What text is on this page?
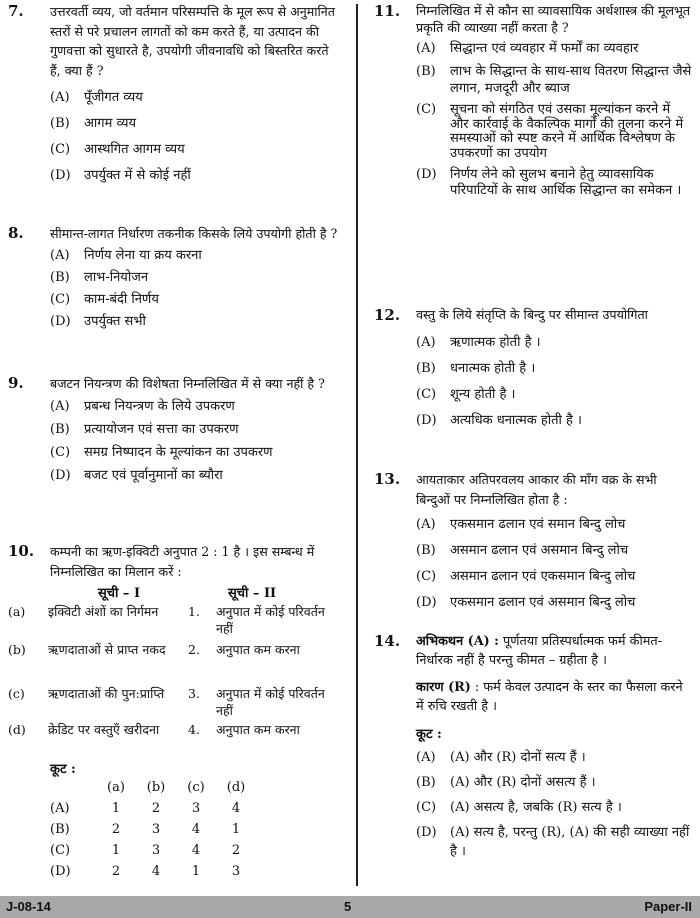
7. उत्तरवर्ती व्यय, जो वर्तमान परिसम्पत्ति के मूल रूप से अनुमानित स्तरों से परे प्रचालन लागतों को कम करते हैं, या उत्पादन की गुणवत्ता को सुधारते है, उपयोगी जीवनावधि को बिस्तरित करते हैं, क्या हैं ?
(A) पूँजीगत व्यय
(B) आगम व्यय
(C) आस्थगित आगम व्यय
(D) उपर्युक्त में से कोई नहीं
8. सीमान्त-लागत निर्धारण तकनीक किसके लिये उपयोगी होती है ?
(A) निर्णय लेना या क्रय करना
(B) लाभ-नियोजन
(C) काम-बंदी निर्णय
(D) उपर्युक्त सभी
9. बजटन नियन्त्रण की विशेषता निम्नलिखित में से क्या नहीं है ?
(A) प्रबन्ध नियन्त्रण के लिये उपकरण
(B) प्रत्यायोजन एवं सत्ता का उपकरण
(C) समग्र निष्पादन के मूल्यांकन का उपकरण
(D) बजट एवं पूर्वानुमानों का ब्यौरा
10. कम्पनी का ऋण-इक्विटी अनुपात 2 : 1 है । इस सम्बन्ध में निम्नलिखित का मिलान करें :
सूची – I	सूची – II
(a) इक्विटी अंशों का निर्गमन	1. अनुपात में कोई परिवर्तन नहीं
(b) ऋणदाताओं से प्राप्त नकद 2. अनुपात कम करना
(c) ऋणदाताओं की पुन:प्राप्ति 3. अनुपात में कोई परिवर्तन नहीं
(d) क्रेडिट पर वस्तुएँ खरीदना	4. अनुपात कम करना
कूट :
	(a)	(b)	(c)	(d)
(A)	1	2	3	4
(B)	2	3	4	1
(C)	1	3	4	2
(D)	2	4	1	3
11. निम्नलिखित में से कौन सा व्यावसायिक अर्थशास्त्र की मूलभूत प्रकृति की व्याख्या नहीं करता है ?
(A) सिद्धान्त एवं व्यवहार में फर्मों का व्यवहार
(B) लाभ के सिद्धान्त के साथ-साथ वितरण सिद्धान्त जैसे लगान, मजदूरी और ब्याज
(C) सूचना को संगठित एवं उसका मूल्यांकन करने में और कार्रवाई के वैकल्पिक मार्गों की तुलना करने में समस्याओं को स्पष्ट करने में आर्थिक विश्लेषण के उपकरणों का उपयोग
(D) निर्णय लेने को सुलभ बनाने हेतु व्यावसायिक परिपाटियों के साथ आर्थिक सिद्धान्त का समेकन ।
12. वस्तु के लिये संतृप्ति के बिन्दु पर सीमान्त उपयोगिता
(A) ऋणात्मक होती है ।
(B) धनात्मक होती है ।
(C) शून्य होती है ।
(D) अत्यधिक धनात्मक होती है ।
13. आयताकार अतिपरवलय आकार की माँग वक्र के सभी बिन्दुओं पर निम्नलिखित होता है :
(A) एकसमान ढलान एवं समान बिन्दु लोच
(B) असमान ढलान एवं असमान बिन्दु लोच
(C) असमान ढलान एवं एकसमान बिन्दु लोच
(D) एकसमान ढलान एवं असमान बिन्दु लोच
14. अभिकथन (A) : पूर्णतया प्रतिस्पर्धात्मक फर्म कीमत-निर्धारक नहीं है परन्तु कीमत – ग्रहीता है ।
कारण (R) : फर्म केवल उत्पादन के स्तर का फैसला करने में रुचि रखती है ।
कूट :
(A) (A) और (R) दोनों सत्य हैं ।
(B) (A) और (R) दोनों असत्य हैं ।
(C) (A) असत्य है, जबकि (R) सत्य है ।
(D) (A) सत्य है, परन्तु (R), (A) की सही व्याख्या नहीं है ।
J-08-14	5	Paper-II
